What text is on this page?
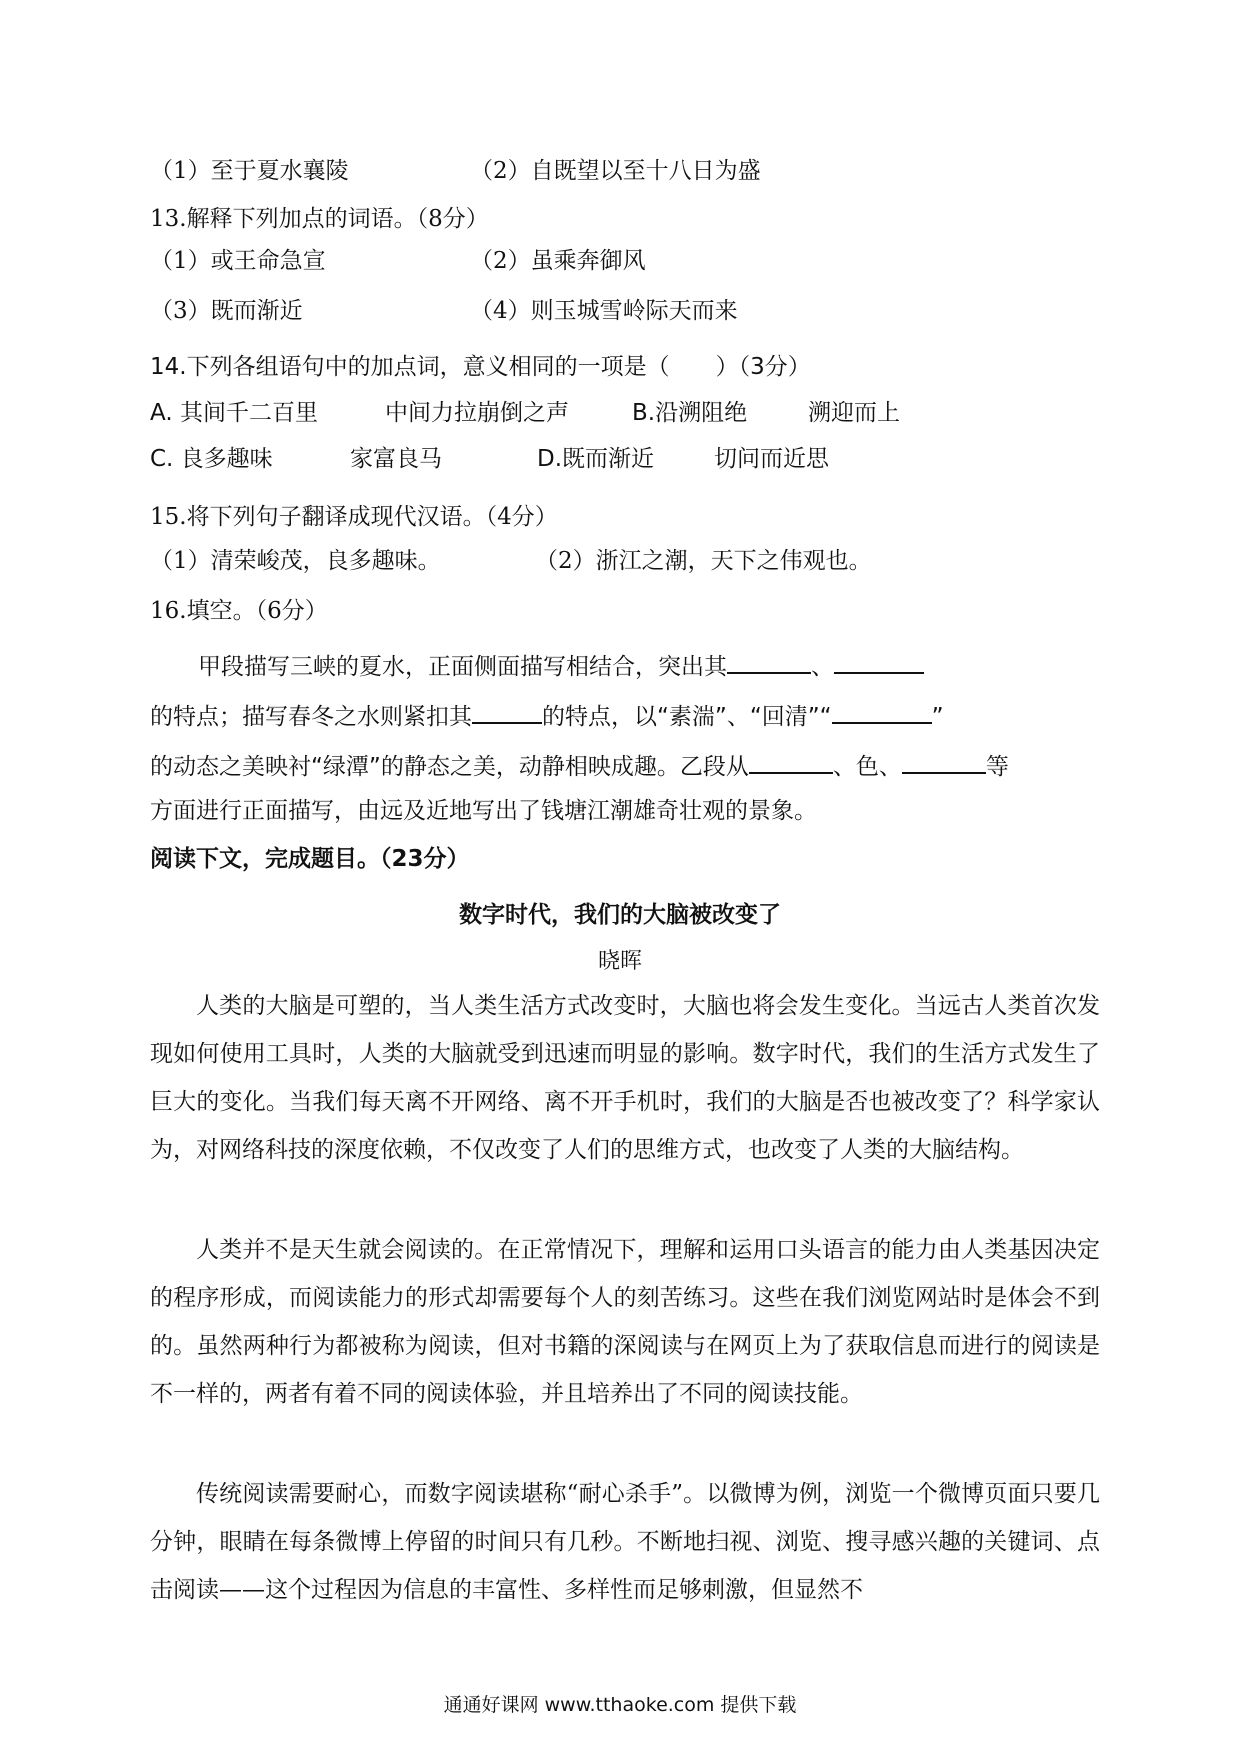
（1）至于夏水襄陵	（2）自既望以至十八日为盛
13.解释下列加点的词语。（8分）
（1）或王命急宣	（2）虽乘奔御风
（3）既而渐近	（4）则玉城雪岭际天而来
14.下列各组语句中的加点词，意义相同的一项是（　　）（3分）
A. 其间千二百里	中间力拉崩倒之声	B.沿溯阻绝	溯迎而上
C. 良多趣味	家富良马	D.既而渐近	切问而近思
15.将下列句子翻译成现代汉语。（4分）
（1）清荣峻茂，良多趣味。	（2）浙江之潮，天下之伟观也。
16.填空。（6分）
甲段描写三峡的夏水，正面侧面描写相结合，突出其	、
的特点；描写春冬之水则紧扣其	的特点，以“素湍”、“回清”“	”
的动态之美映衬“绿潭”的静态之美，动静相映成趣。乙段从	、色、	等
方面进行正面描写，由远及近地写出了钱塘江潮雄奇壮观的景象。
阅读下文，完成题目。（23分）
数字时代，我们的大脑被改变了
晓晖
人类的大脑是可塑的，当人类生活方式改变时，大脑也将会发生变化。当远古人类首次发现如何使用工具时，人类的大脑就受到迅速而明显的影响。数字时代，我们的生活方式发生了巨大的变化。当我们每天离不开网络、离不开手机时，我们的大脑是否也被改变了？科学家认为，对网络科技的深度依赖，不仅改变了人们的思维方式，也改变了人类的大脑结构。
人类并不是天生就会阅读的。在正常情况下，理解和运用口头语言的能力由人类基因决定的程序形成，而阅读能力的形式却需要每个人的刻苦练习。这些在我们浏览网站时是体会不到的。虽然两种行为都被称为阅读，但对书籍的深阅读与在网页上为了获取信息而进行的阅读是不一样的，两者有着不同的阅读体验，并且培养出了不同的阅读技能。
传统阅读需要耐心，而数字阅读堪称“耐心杀手”。以微博为例，浏览一个微博页面只要几分钟，眼睛在每条微博上停留的时间只有几秒。不断地扫视、浏览、搜寻感兴趣的关键词、点击阅读——这个过程因为信息的丰富性、多样性而足够刺激，但显然不
通通好课网 www.tthaoke.com 提供下载
